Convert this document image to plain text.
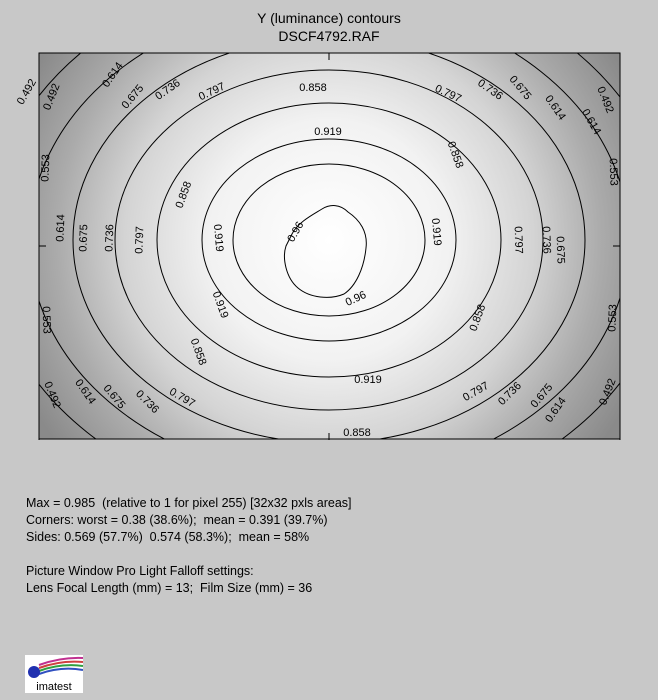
Y (luminance) contours
DSCF4792.RAF
0.492
0.553
0.614 0.675 0.736 0.797
0.492
0.553
0.614 0.675 0.736 0.797
0.492
0.553
0.614
0.675
0.736
0.797
0.492
0.553
0.614
0.675
0.736
0.797
0.492
0.614
0.675 0.736 0.797
0.614
0.675
0.736
0.797
0.858
0.858
0.858
0.858
0.858
0.858
0.919
0.919	0.919
0.919
0.919
0.96
0.96
Max = 0.985  (relative to 1 for pixel 255) [32x32 pxls areas]
Corners: worst = 0.38 (38.6%);  mean = 0.391 (39.7%)
Sides: 0.569 (57.7%)  0.574 (58.3%);  mean = 58%
Picture Window Pro Light Falloff settings:
Lens Focal Length (mm) = 13;  Film Size (mm) = 36
imatest
